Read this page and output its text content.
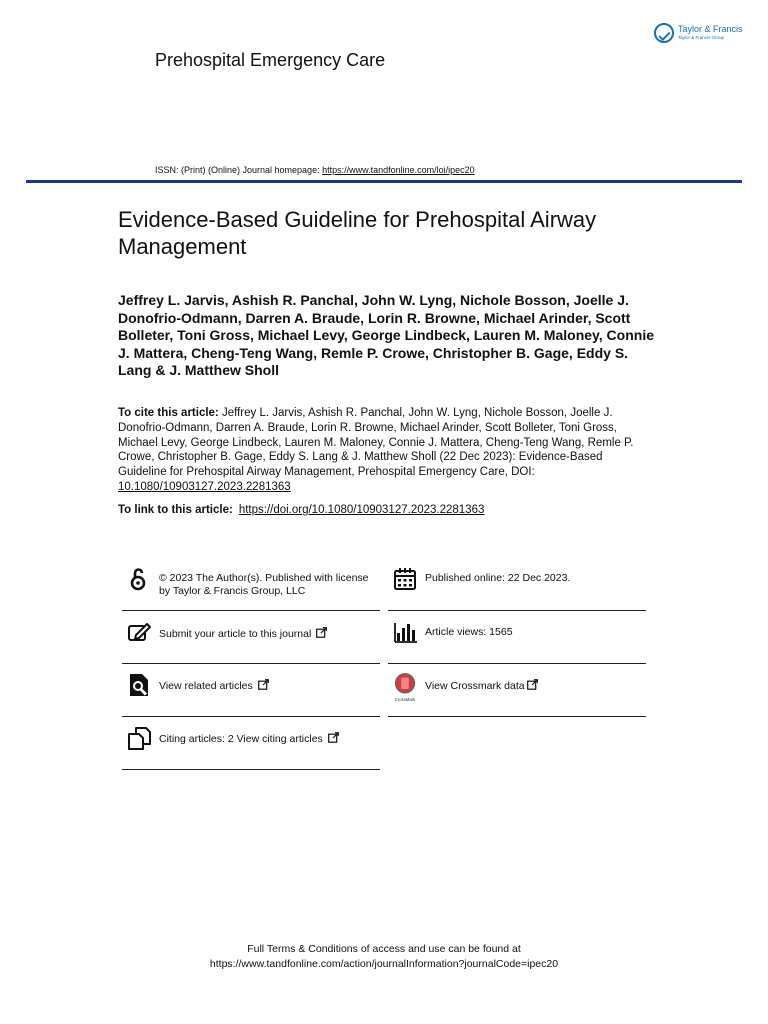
Taylor & Francis
Taylor & Francis Group
Prehospital Emergency Care
ISSN: (Print) (Online) Journal homepage: https://www.tandfonline.com/loi/ipec20
Evidence-Based Guideline for Prehospital Airway Management
Jeffrey L. Jarvis, Ashish R. Panchal, John W. Lyng, Nichole Bosson, Joelle J. Donofrio-Odmann, Darren A. Braude, Lorin R. Browne, Michael Arinder, Scott Bolleter, Toni Gross, Michael Levy, George Lindbeck, Lauren M. Maloney, Connie J. Mattera, Cheng-Teng Wang, Remle P. Crowe, Christopher B. Gage, Eddy S. Lang & J. Matthew Sholl
To cite this article: Jeffrey L. Jarvis, Ashish R. Panchal, John W. Lyng, Nichole Bosson, Joelle J. Donofrio-Odmann, Darren A. Braude, Lorin R. Browne, Michael Arinder, Scott Bolleter, Toni Gross, Michael Levy, George Lindbeck, Lauren M. Maloney, Connie J. Mattera, Cheng-Teng Wang, Remle P. Crowe, Christopher B. Gage, Eddy S. Lang & J. Matthew Sholl (22 Dec 2023): Evidence-Based Guideline for Prehospital Airway Management, Prehospital Emergency Care, DOI: 10.1080/10903127.2023.2281363
To link to this article: https://doi.org/10.1080/10903127.2023.2281363
© 2023 The Author(s). Published with license by Taylor & Francis Group, LLC
Published online: 22 Dec 2023.
Submit your article to this journal	Article views: 1565
View related articles
CrossMark
View Crossmark data
Citing articles: 2 View citing articles
Full Terms & Conditions of access and use can be found at
https://www.tandfonline.com/action/journalInformation?journalCode=ipec20
